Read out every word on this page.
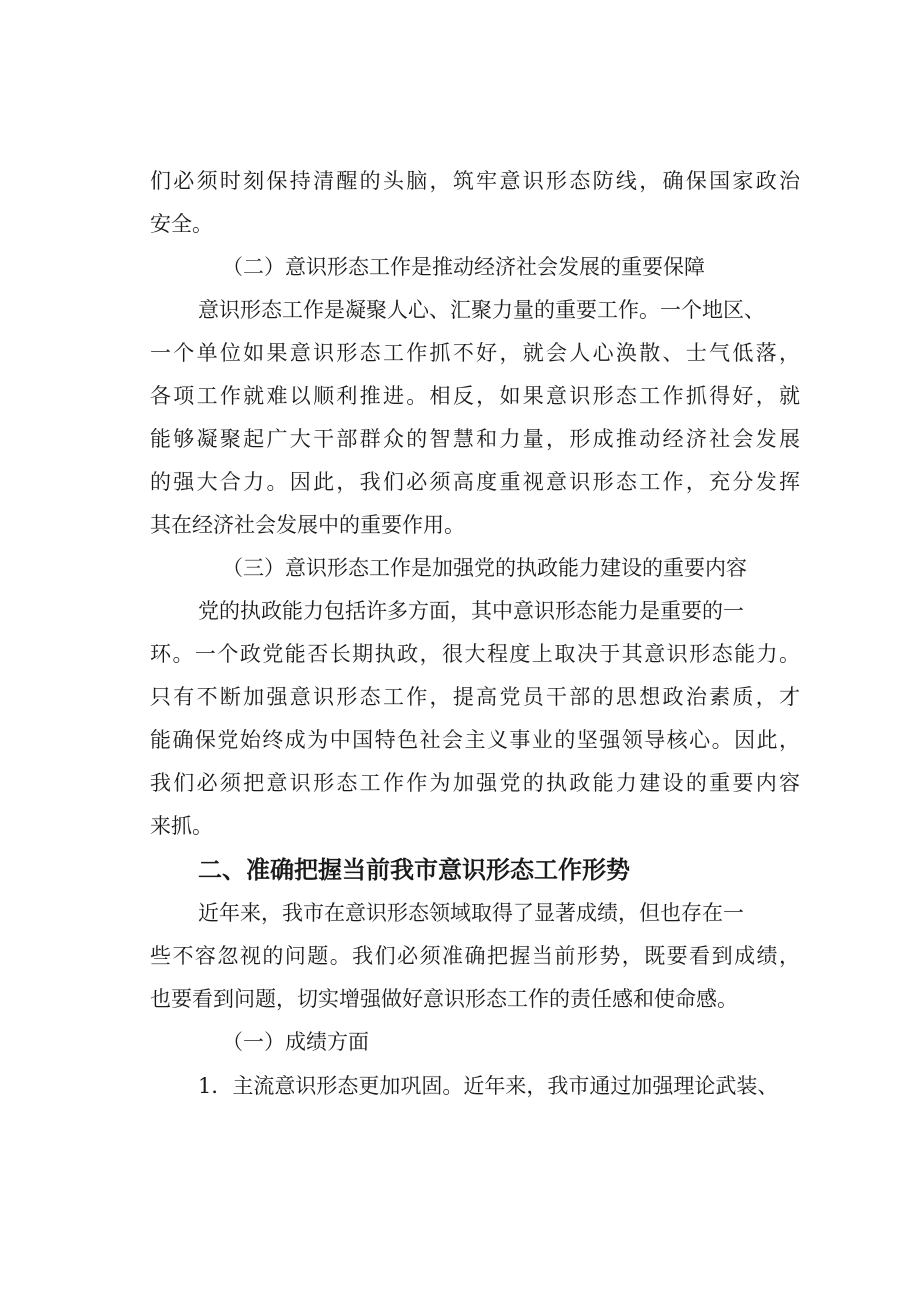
们必须时刻保持清醒的头脑，筑牢意识形态防线，确保国家政治
安全。
（二）意识形态工作是推动经济社会发展的重要保障
意识形态工作是凝聚人心、汇聚力量的重要工作。一个地区、
一个单位如果意识形态工作抓不好，就会人心涣散、士气低落，
各项工作就难以顺利推进。相反，如果意识形态工作抓得好，就
能够凝聚起广大干部群众的智慧和力量，形成推动经济社会发展
的强大合力。因此，我们必须高度重视意识形态工作，充分发挥
其在经济社会发展中的重要作用。
（三）意识形态工作是加强党的执政能力建设的重要内容
党的执政能力包括许多方面，其中意识形态能力是重要的一
环。一个政党能否长期执政，很大程度上取决于其意识形态能力。
只有不断加强意识形态工作，提高党员干部的思想政治素质，才
能确保党始终成为中国特色社会主义事业的坚强领导核心。因此，
我们必须把意识形态工作作为加强党的执政能力建设的重要内容
来抓。
二、准确把握当前我市意识形态工作形势
近年来，我市在意识形态领域取得了显著成绩，但也存在一
些不容忽视的问题。我们必须准确把握当前形势，既要看到成绩，
也要看到问题，切实增强做好意识形态工作的责任感和使命感。
（一）成绩方面
1．主流意识形态更加巩固。近年来，我市通过加强理论武装、
